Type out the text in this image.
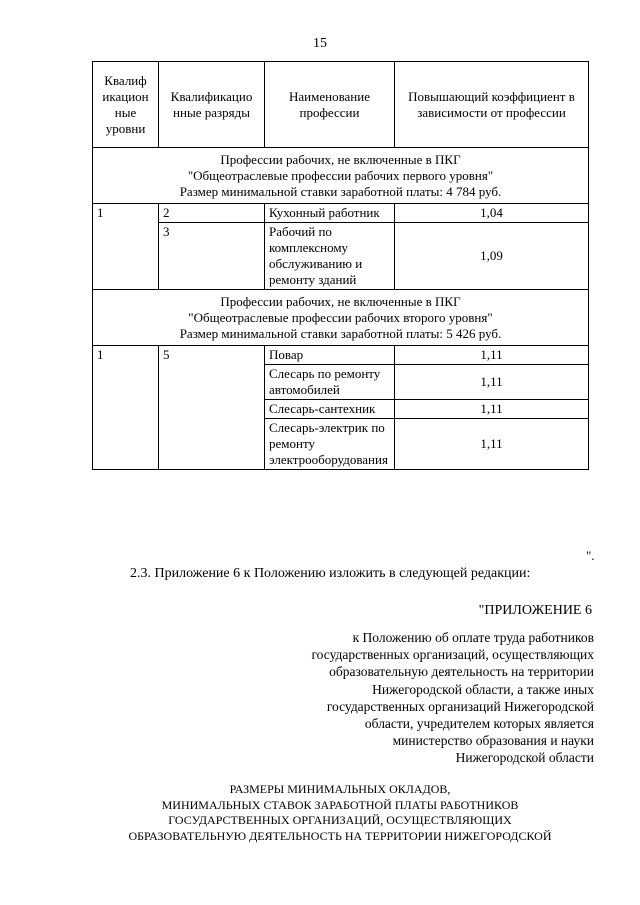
15
Квалиф икацион ные уровни	Квалификацио нные разряды	Наименование профессии	Повышающий коэффициент в зависимости от профессии

Профессии рабочих, не включенные в ПКГ
"Общеотраслевые профессии рабочих первого уровня"
Размер минимальной ставки заработной платы: 4 784 руб.			

1	2	Кухонный работник	1,04
	3	Рабочий по комплексному обслуживанию и ремонту зданий	1,09

Профессии рабочих, не включенные в ПКГ
"Общеотраслевые профессии рабочих второго уровня"
Размер минимальной ставки заработной платы: 5 426 руб.			

1	5	Повар	1,11
		Слесарь по ремонту автомобилей	1,11
		Слесарь-сантехник	1,11
		Слесарь-электрик по ремонту электрооборудования	1,11
".
2.3. Приложение 6 к Положению изложить в следующей редакции:
"ПРИЛОЖЕНИЕ 6
к Положению об оплате труда работников
государственных организаций, осуществляющих
образовательную деятельность на территории
Нижегородской области, а также иных
государственных организаций Нижегородской
области, учредителем которых является
министерство образования и науки
Нижегородской области
РАЗМЕРЫ МИНИМАЛЬНЫХ ОКЛАДОВ,
МИНИМАЛЬНЫХ СТАВОК ЗАРАБОТНОЙ ПЛАТЫ РАБОТНИКОВ
ГОСУДАРСТВЕННЫХ ОРГАНИЗАЦИЙ, ОСУЩЕСТВЛЯЮЩИХ
ОБРАЗОВАТЕЛЬНУЮ ДЕЯТЕЛЬНОСТЬ НА ТЕРРИТОРИИ НИЖЕГОРОДСКОЙ
